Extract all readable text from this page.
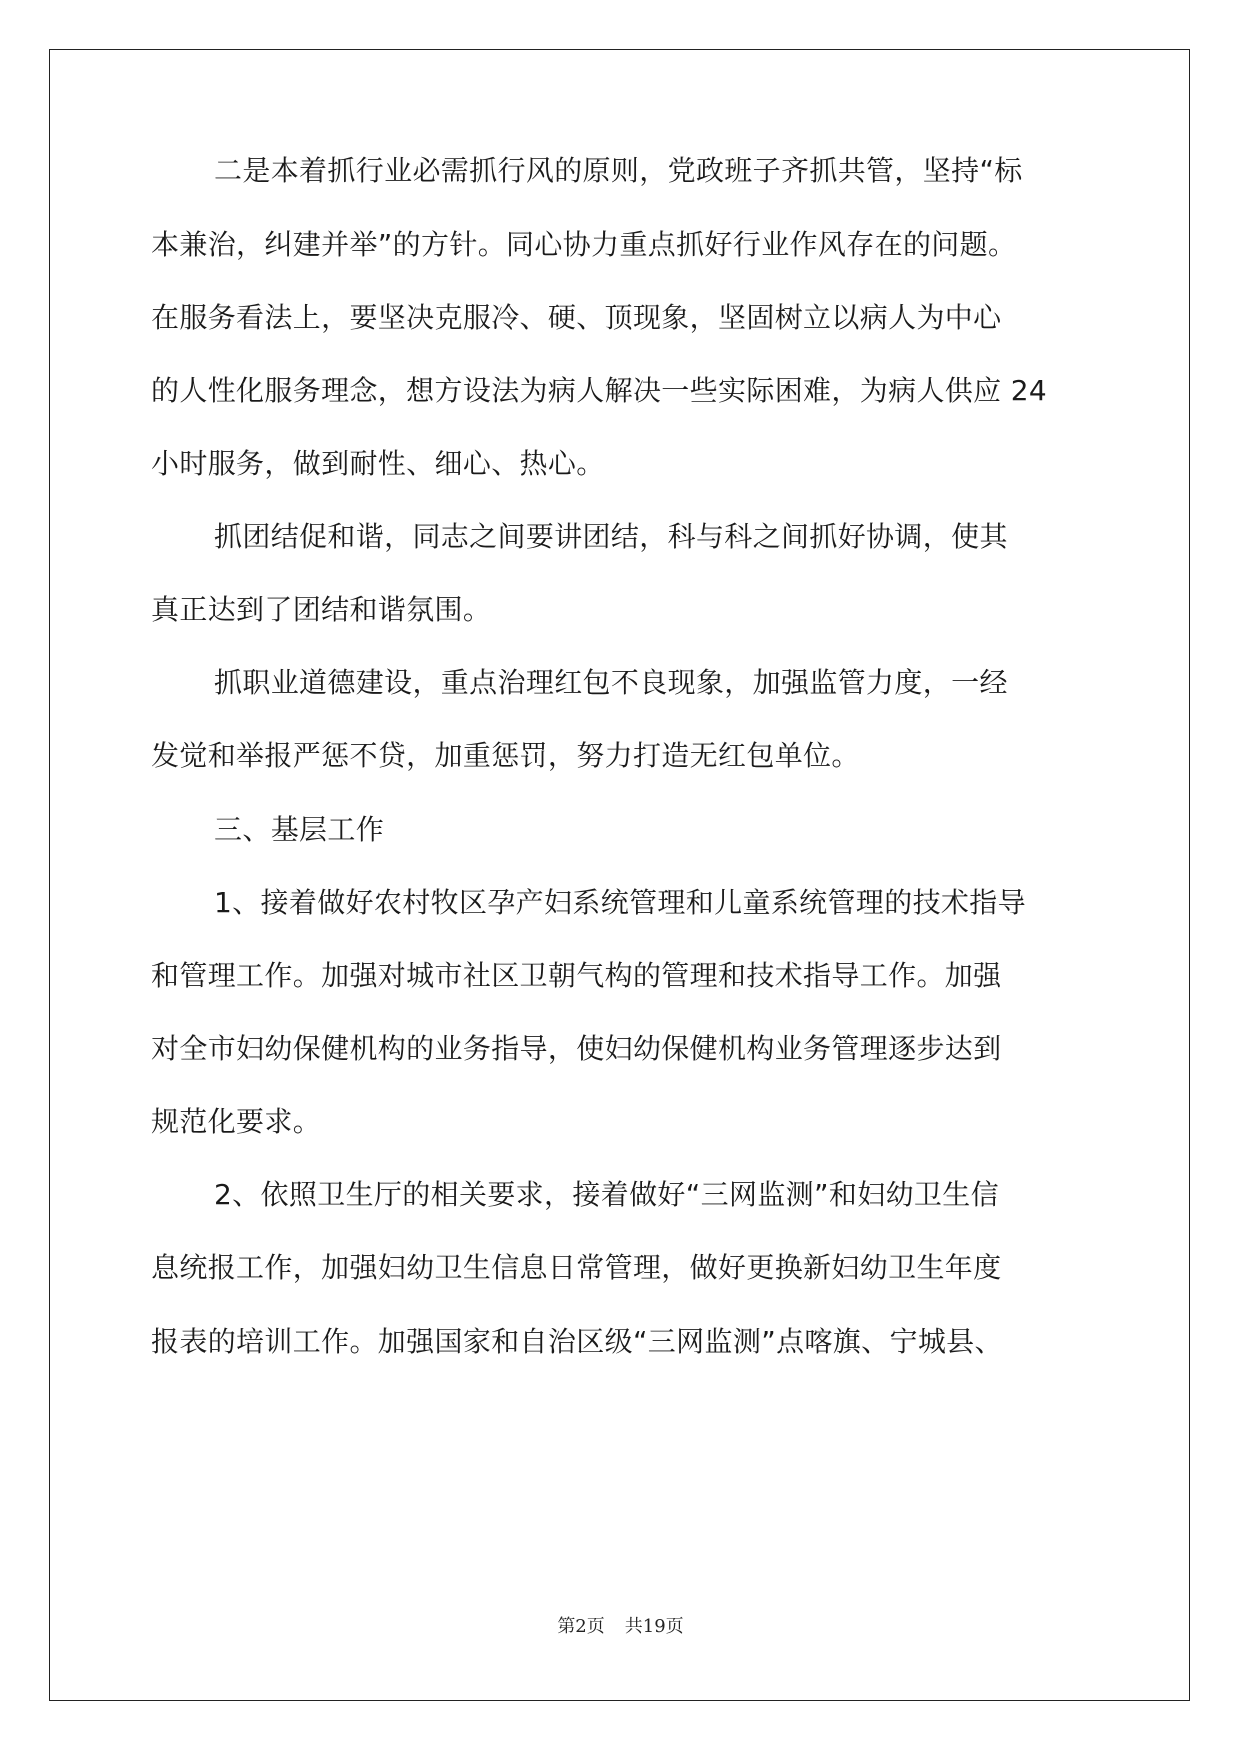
二是本着抓行业必需抓行风的原则，党政班子齐抓共管，坚持“标
本兼治，纠建并举”的方针。同心协力重点抓好行业作风存在的问题。
在服务看法上，要坚决克服冷、硬、顶现象，坚固树立以病人为中心
的人性化服务理念，想方设法为病人解决一些实际困难，为病人供应 24
小时服务，做到耐性、细心、热心。
抓团结促和谐，同志之间要讲团结，科与科之间抓好协调，使其
真正达到了团结和谐氛围。
抓职业道德建设，重点治理红包不良现象，加强监管力度，一经
发觉和举报严惩不贷，加重惩罚，努力打造无红包单位。
三、基层工作
1、接着做好农村牧区孕产妇系统管理和儿童系统管理的技术指导
和管理工作。加强对城市社区卫朝气构的管理和技术指导工作。加强
对全市妇幼保健机构的业务指导，使妇幼保健机构业务管理逐步达到
规范化要求。
2、依照卫生厅的相关要求，接着做好“三网监测”和妇幼卫生信
息统报工作，加强妇幼卫生信息日常管理，做好更换新妇幼卫生年度
报表的培训工作。加强国家和自治区级“三网监测”点喀旗、宁城县、
第2页 共19页
